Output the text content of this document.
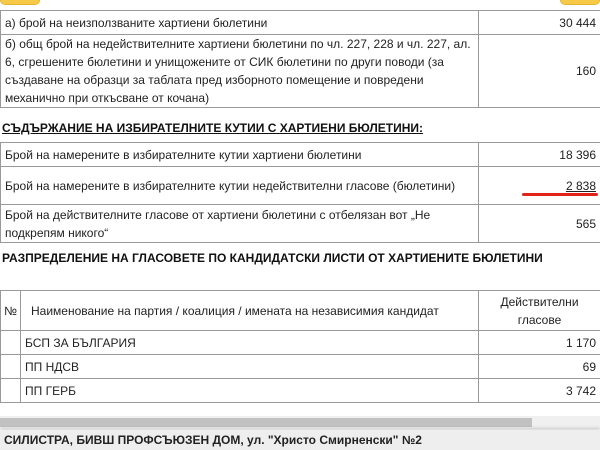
а) брой на неизползваните хартиени бюлетини	30 444
б) общ брой на недействителните хартиени бюлетини по чл. 227, 228 и чл. 227, ал. 6, сгрешените бюлетини и унищожените от СИК бюлетини по други поводи (за създаване на образци за таблата пред изборното помещение и повредени механично при откъсване от кочана)	160
СЪДЪРЖАНИЕ НА ИЗБИРАТЕЛНИТЕ КУТИИ С ХАРТИЕНИ БЮЛЕТИНИ:
Брой на намерените в избирателните кутии хартиени бюлетини	18 396
Брой на намерените в избирателните кутии недействителни гласове (бюлетини)	2 838
Брой на действителните гласове от хартиени бюлетини с отбелязан вот „Не подкрепям никого“	565
РАЗПРЕДЕЛЕНИЕ НА ГЛАСОВЕТЕ ПО КАНДИДАТСКИ ЛИСТИ ОТ ХАРТИЕНИТЕ БЮЛЕТИНИ
№	Наименование на партия / коалиция / имената на независимия кандидат	Действителни гласове
	БСП ЗА БЪЛГАРИЯ	1 170
	ПП НДСВ	69
	ПП ГЕРБ	3 742
СИЛИСТРА, БИВШ ПРОФСЪЮЗЕН ДОМ, ул. "Христо Смирненски" №2
